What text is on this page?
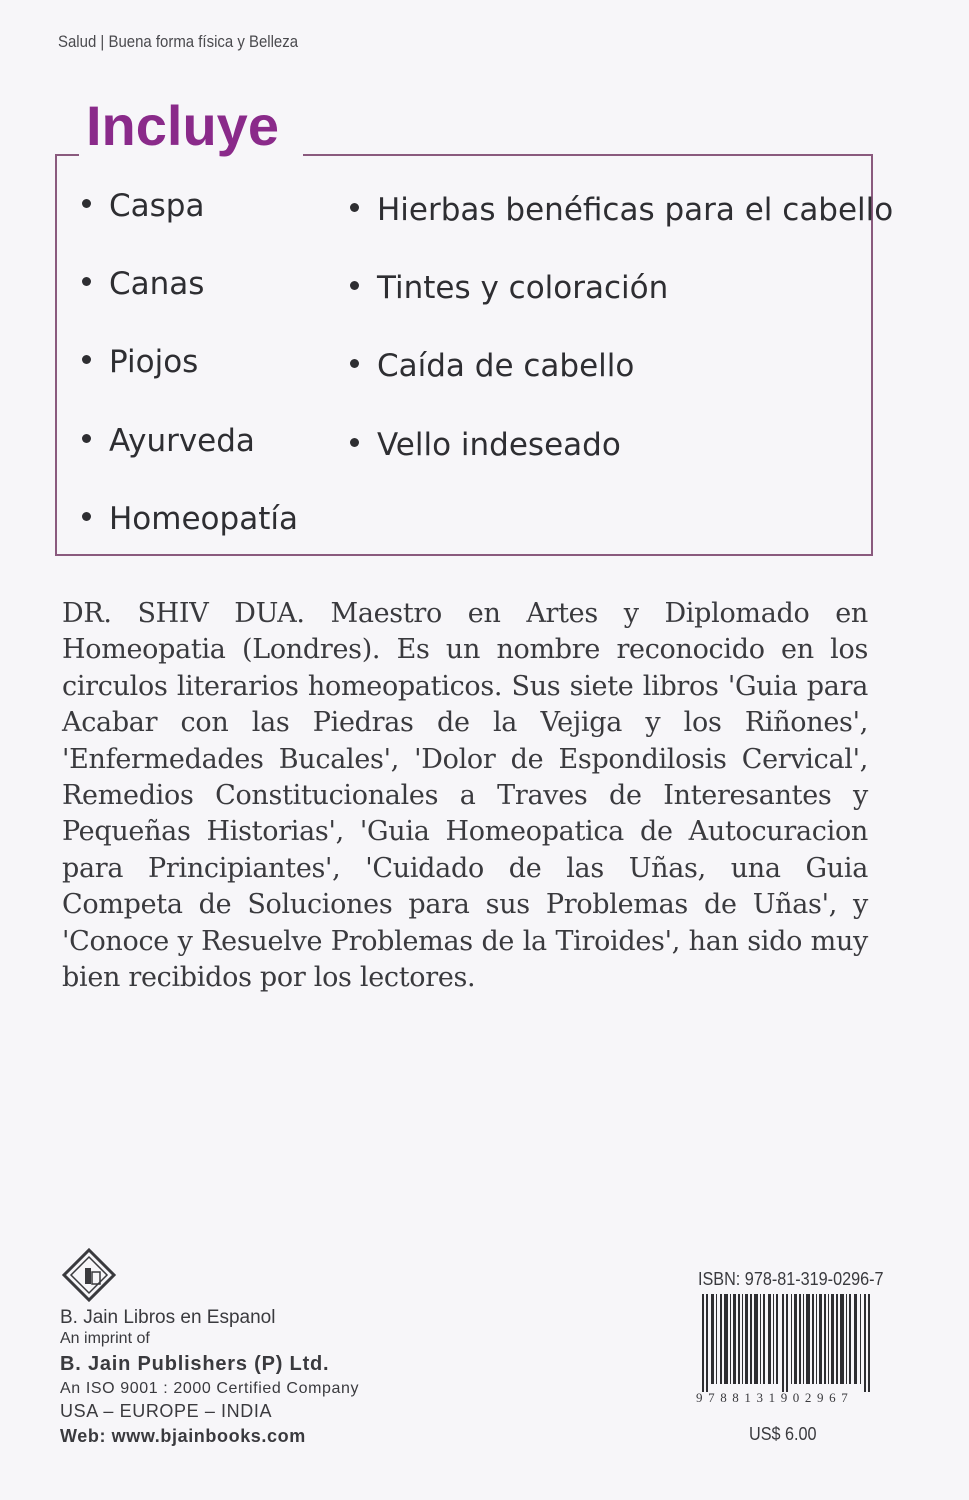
Salud | Buena forma física y Belleza
Incluye
Caspa
Canas
Piojos
Ayurveda
Homeopatía
Hierbas benéficas para el cabello
Tintes y coloración
Caída de cabello
Vello indeseado
DR. SHIV DUA. Maestro en Artes y Diplomado en Homeopatia (Londres). Es un nombre reconocido en los circulos literarios homeopaticos. Sus siete libros 'Guia para Acabar con las Piedras de la Vejiga y los Riñones', 'Enfermedades Bucales', 'Dolor de Espondilosis Cervical', Remedios Constitucionales a Traves de Interesantes y Pequeñas Historias', 'Guia Homeopatica de Autocuracion para Principiantes', 'Cuidado de las Uñas, una Guia Competa de Soluciones para sus Problemas de Uñas', y 'Conoce y Resuelve Problemas de la Tiroides', han sido muy bien recibidos por los lectores.
B. Jain Libros en Espanol
An imprint of
B. Jain Publishers (P) Ltd.
An ISO 9001 : 2000 Certified Company
USA – EUROPE – INDIA
Web: www.bjainbooks.com
ISBN: 978-81-319-0296-7
9788131902967
US$ 6.00
